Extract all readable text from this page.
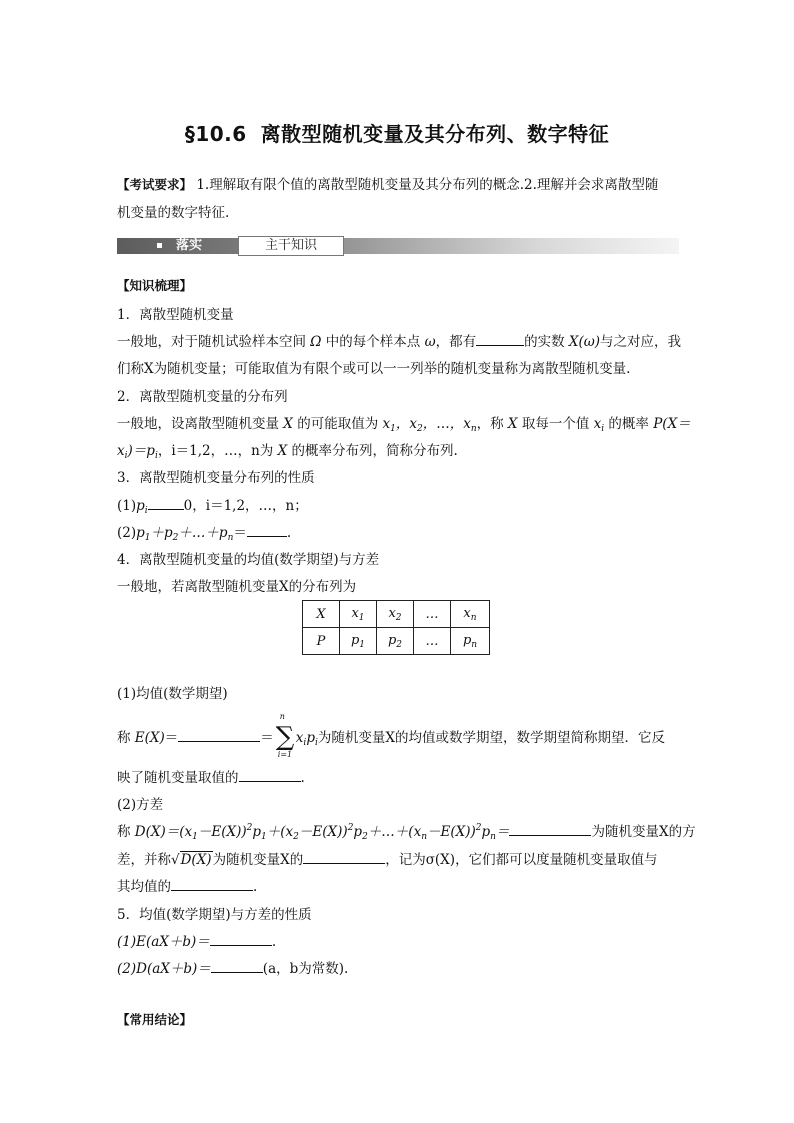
§10.6 离散型随机变量及其分布列、数字特征
【考试要求】 1.理解取有限个值的离散型随机变量及其分布列的概念.2.理解并会求离散型随
机变量的数字特征.
落实	主干知识
【知识梳理】
1．离散型随机变量
一般地，对于随机试验样本空间 Ω 中的每个样本点 ω，都有	的实数 X(ω)与之对应，我
们称X为随机变量；可能取值为有限个或可以一一列举的随机变量称为离散型随机变量.
2．离散型随机变量的分布列
一般地，设离散型随机变量 X 的可能取值为 $x_1$，$x_2$，…，$x_n$，称 X 取每一个值 $x_i$ 的概率 P(X＝
$x_i)=p_i$，i＝1,2，…，n为 X 的概率分布列，简称分布列.
3．离散型随机变量分布列的性质
$(1)p_i$	0，i＝1,2，…，n；
$(2)p_1+p_2+\dots+p_n=$	.
4．离散型随机变量的均值(数学期望)与方差
一般地，若离散型随机变量X的分布列为
X	$x_1$	$x_2$	…	$x_n$
P	$p_1$	$p_2$	…	$p_n$
(1)均值(数学期望)
称 E(X)＝	＝
n
∑
i=1
$x_ip_i$为随机变量X的均值或数学期望，数学期望简称期望．它反
映了随机变量取值的	.
(2)方差
称 $D(X)=(x_1-E(X))^2p_1+(x_2-E(X))^2p_2+\dots+(x_n-E(X))^2p_n=$	为随机变量X的方
差，并称√D(X)为随机变量X的	，记为σ(X)，它们都可以度量随机变量取值与
其均值的	.
5．均值(数学期望)与方差的性质
(1)E(aX＋b)＝	.
(2)D(aX＋b)＝	(a，b为常数).
【常用结论】
